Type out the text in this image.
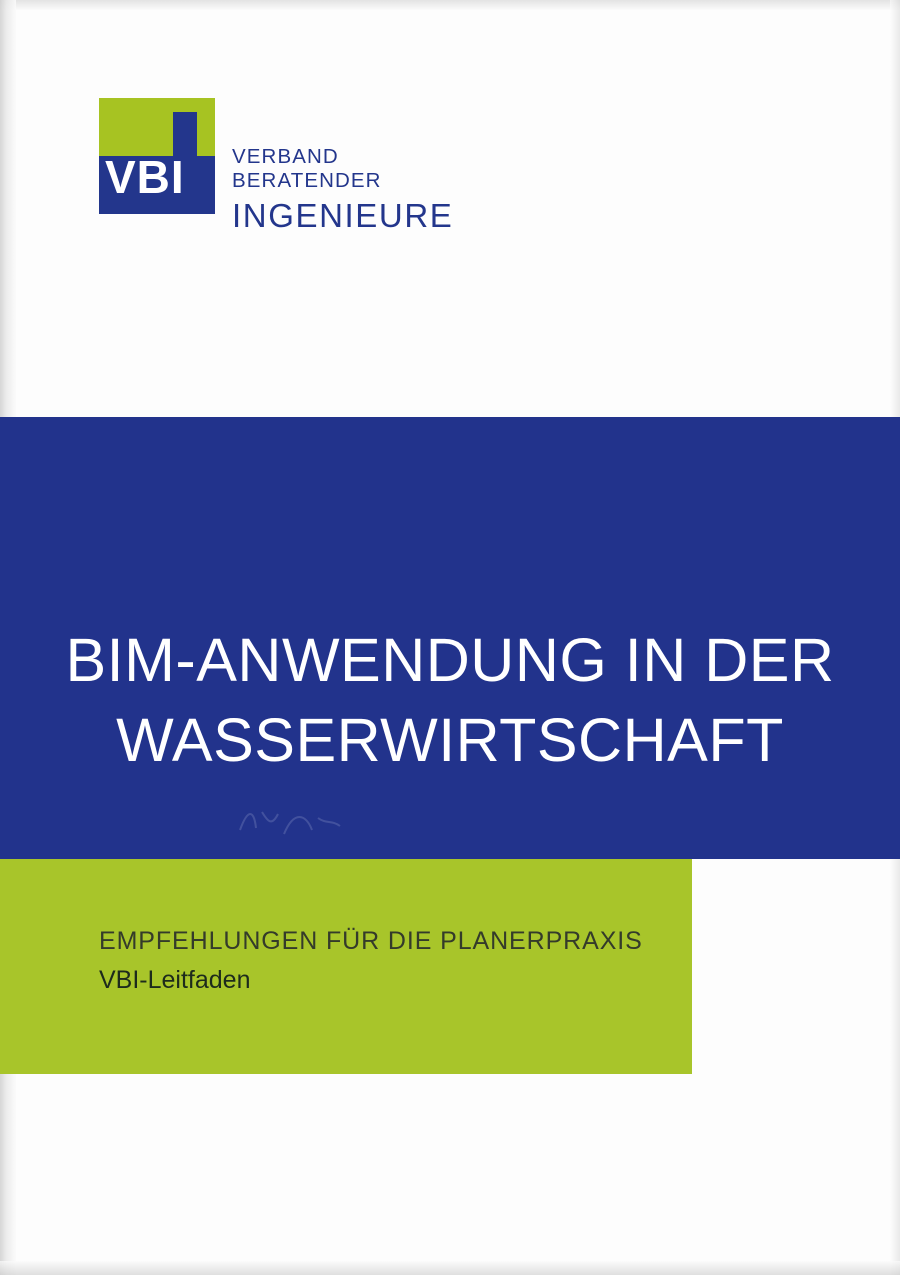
VBI	VERBAND BERATENDER
INGENIEURE
BIM-ANWENDUNG IN DER
WASSERWIRTSCHAFT
EMPFEHLUNGEN FÜR DIE PLANERPRAXIS
VBI-Leitfaden
